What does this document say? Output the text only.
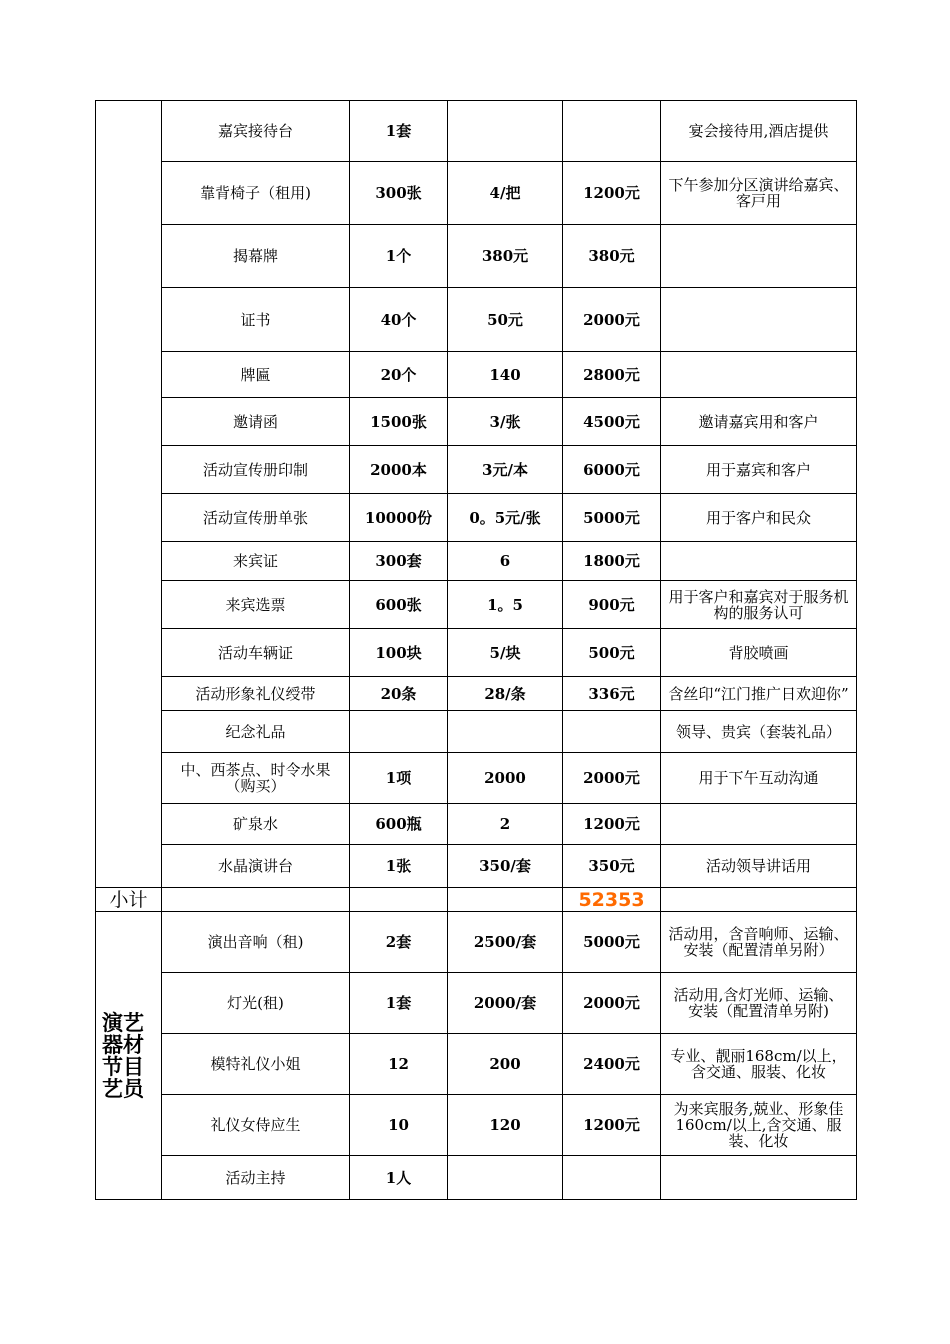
	嘉宾接待台	1套			宴会接待用,酒店提供
	靠背椅子（租用)	300张	4/把	1200元	下午参加分区演讲给嘉宾、客戸用
	揭幕牌	1个	380元	380元	
	证书	40个	50元	2000元	
	牌匾	20个	140	2800元	
	邀请函	1500张	3/张	4500元	邀请嘉宾用和客户
	活动宣传册印制	2000本	3元/本	6000元	用于嘉宾和客户
	活动宣传册单张	10000份	0。5元/张	5000元	用于客户和民众
	来宾证	300套	6	1800元	
	来宾选票	600张	1。5	900元	用于客户和嘉宾对于服务机构的服务认可
	活动车辆证	100块	5/块	500元	背胶喷画
	活动形象礼仪绶带	20条	28/条	336元	含丝印“江门推广日欢迎你”
	纪念礼品				领导、贵宾（套装礼品）
	中、西茶点、时令水果（购买）	1项	2000	2000元	用于下午互动沟通
	矿泉水	600瓶	2	1200元	
	水晶演讲台	1张	350/套	350元	活动领导讲话用
小计				52353	
演艺器材节目艺员	演出音响（租)	2套	2500/套	5000元	活动用，含音响师、运输、安装（配置清单另附）
	灯光(租)	1套	2000/套	2000元	活动用,含灯光师、运输、安装（配置清单另附)
	模特礼仪小姐	12	200	2400元	专业、靓丽168cm/以上，含交通、服装、化妆
	礼仪女侍应生	10	120	1200元	为来宾服务,兢业、形象佳160cm/以上,含交通、服装、化妆
	活动主持	1人			
